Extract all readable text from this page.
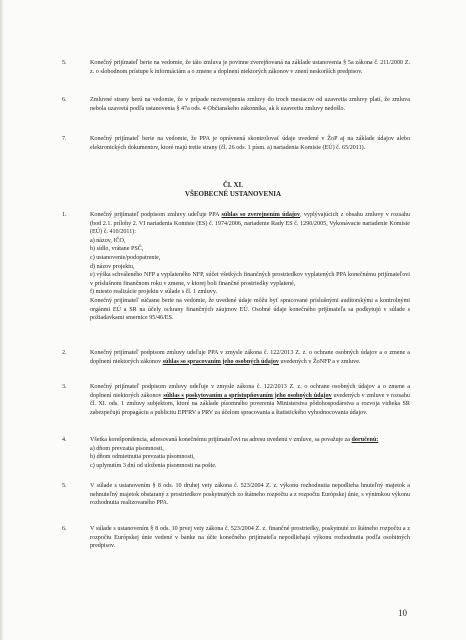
5.	Konečný prijímateľ berie na vedomie, že táto zmluva je povinne zverejňovaná na základe ustanovenia § 5a zákona č. 211/2000 Z. z. o slobodnom prístupe k informáciám a o zmene a doplnení niektorých zákonov v znení neskorších predpisov.
6.	Zmluvné strany berú na vedomie, že v prípade nezverejnenia zmluvy do troch mesiacov od uzavretia zmluvy platí, že zmluva nebola uzavretá podľa ustanovenia § 47a ods. 4 Občianskeho zákonníka, ak k uzavretiu zmluvy nedošlo.
7.	Konečný prijímateľ berie na vedomie, že PPA je oprávnená skontrolovať údaje uvedené v ŽoP aj na základe údajov alebo elektronických dokumentov, ktoré majú tretie strany (čl. 26 ods. 1 písm. a) nariadenia Komisie (EÚ) č. 65/2011).
Čl. XI.
VŠEOBECNÉ USTANOVENIA
1.	Konečný prijímateľ podpisom zmluvy udeľuje PPA súhlas so zverejnením údajov, vyplývajúcich z obsahu zmluvy v rozsahu (bod 2.1. prílohy 2. VI nariadenia Komisie (ES) č. 1974/2006, nariadenie Rady ES č. 1290/2005, Vykonávacie nariadenie Komisie (EÚ) č. 410/2011):

a) názov, IČO,

b) sídlo, vrátane PSČ,

c) ustanovenie/podopatrenie,

d) názov projektu,

e) výška schváleného NFP a vyplateného NFP, súčet všetkých finančných prostriedkov vyplatených PPA konečnému prijímateľovi v príslušnom finančnom roku v zmene, v ktorej boli finančné prostriedky vyplatené,

f) miesto realizácie projektu v súlade s čl. 1 zmluvy.

Konečný prijímateľ súčasne berie na vedomie, že uvedené údaje môžu byť spracované príslušnými audítorskými a kontrolnými orgánmi EÚ a SR na účely ochrany finančných záujmov EÚ. Osobné údaje konečného prijímateľa sa podkytujú v súlade s požiadavkami smernice 95/46/ES.

2.	Konečný prijímateľ podpisom zmluvy udeľuje PPA v zmysle zákona č. 122/2013 Z. z. o ochrane osobných údajov a o zmene a doplnení niektorých zákonov súhlas so spracovaním jeho osobných údajov uvedených v ŽoNFP a v zmluve.

3.	Konečný prijímateľ podpisom zmluvy udeľuje v zmysle zákona č. 122/2013 Z. z. o ochrane osobných údajov a o zmene a doplnení niektorých zákonov súhlas s poskytovaním a sprístupňovaním jeho osobných údajov uvedených v zmluve v rozsahu čl. XI. ods. 1 zmluvy subjektom, ktoré na základe písomného poverenia Ministerstva pôdohospodárstva a rozvoja vidieka SR zabezpečujú propagáciu a publicitu EPFRV a PRV za účelom spracovania a štatistického vyhodnocovania údajov.

4.	Všetka korešpondencia, adresovaná konečnému prijímateľovi na adresu uvedenú v zmluve, sa považuje za doručenú:

a) dňom prevzatia písomnosti,

b) dňom odmietnutia prevzatia písomnosti,

c) uplynutím 3 dní od uloženia písomnosti na pošte.

5.	V súlade s ustanovením § 8 ods. 10 druhej vety zákona č. 523/2004 Z. z. výkonu rozhodnutia nepodlieha hnuteľný majetok a nehnuteľný majetok obstaraný z prostriedkov poskytnutých zo štátneho rozpočtu a z rozpočtu Európskej únie, s výnimkou výkonu rozhodnutia realizovaného PPA.
6.	V súlade s ustanovením § 8 ods. 10 prvej vety zákona č. 523/2004 Z. z. finančné prostriedky, poskytnuté zo štátneho rozpočtu a z rozpočtu Európskej únie vedené v banke na účte konečného prijímateľa nepodliehajú výkonu rozhodnutia podľa osobitných predpisov.
10
